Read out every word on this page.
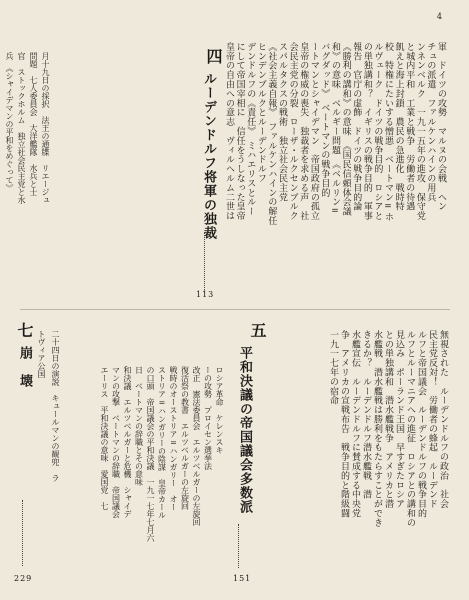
4
四
ルーデンドルフ将軍の独裁
113
軍　ドイツの攻勢　マルヌの会戦　ヘン
チュの派遣　ファルケンハインの用兵
ンネンベルク　一九一五年の進攻　保守党
と城内平和　工業と戦争　労働者の待遇
飢えと海上封鎖　農民の急進化　戦時特
校　特権にたいする憎悪　ベートマン=ホ
ルヴェーク　ドイツの戦争目的　ロシアと
の単独講和？　イギリスの戦争目的　軍事
報告　官庁の虚飾　ドイツの戦争目的論
《勝利の講和》の意味　《国民信頼体会議
和》の意味　ベルギー問題　《ベルリン=
バグダッド》　ベートマンの戦争目的
ートマンとシャイデマン　帝国政府の孤立
皇帝の権威の喪失　独裁者を求める声　社
会民主党の分裂　ローザ・ルクセンブルク
スパルタクスの戦術　独立社会民主党
《社会主義自報》　ファルケンハインの解任
ヒンデンブルクとルーデンドルフ
デンドルフの《責任》　ミハエリスとルー
にして帝国宰相に　信任をうしなった皇帝
皇帝の自由への意志　ヴィルヘルム二世は
月十九日の採択　法王の通牒　リエージュ
問題　七人委員会　大洋艦隊　水兵と士
官　ストックホルム　独立社会民主党と水
兵　《シャイデマンの平和をめぐって》
五
平和決議の帝国議会多数派
151
無視された　ルーデンドルフの政治　社会
民主党反対！　労働者の蜂起　ルーデンド
ルフと帝国議会　ルーデンドルフの戦争目的
ルフとルーマニアへの進征　ロシアとの講和の
見込み　ポーランド王国　早すぎたロシア
との単独講和　潜水艦戦争　アメリカと潜
水艦戦　潜水艦戦は勝利をもたらすことができ
きるか？　ルーデンドルフ潜水艦戦　潜
水艦宣伝　ルーデンドルフに賛成する中央党
争　アメリカの宣戦布告　戦争目的と階級闘
一九一七年の宿命
ロシア革命　ケレンスキ
ーの攻勢　プロイセン選挙法
改正　憲法委員会　エルツベルガーの左旋回
復活祭の教書　エルツベルガーの左旋回
戦時のオーストリア=ハンガリー　オー
ストリア=ハンガリーの陰謀　皇帝カール
の口頭　帝国議会の平和決議　一九一七年七月六
日　ベートマンの辞職とその意味
和決議　エルツベルガーと危機　シャイデ
マンの攻撃　ベートマンの辞職　帝国議会
エーリス　平和決議の意味　愛国党　七
七
崩　壊
229
二十四日の演説　キュールマンの観兜　ラ
トヴィア公国
